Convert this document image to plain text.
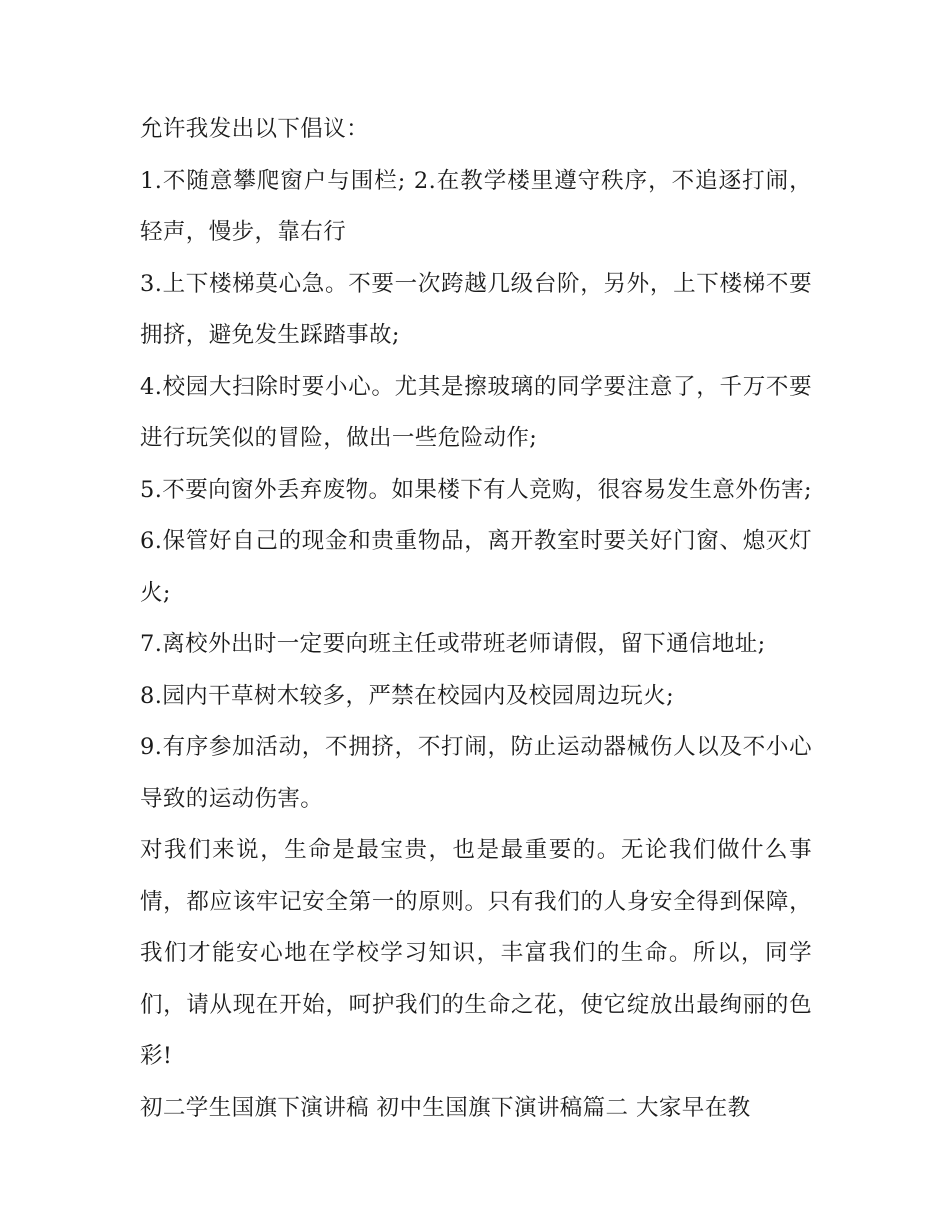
允许我发出以下倡议：

1.不随意攀爬窗户与围栏; 2.在教学楼里遵守秩序，不追逐打闹，轻声，慢步，靠右行

3.上下楼梯莫心急。不要一次跨越几级台阶，另外，上下楼梯不要拥挤，避免发生踩踏事故;

4.校园大扫除时要小心。尤其是擦玻璃的同学要注意了，千万不要进行玩笑似的冒险，做出一些危险动作;

5.不要向窗外丢弃废物。如果楼下有人竞购，很容易发生意外伤害; 6.保管好自己的现金和贵重物品，离开教室时要关好门窗、熄灭灯火;

7.离校外出时一定要向班主任或带班老师请假，留下通信地址;

8.园内干草树木较多，严禁在校园内及校园周边玩火;

9.有序参加活动，不拥挤，不打闹，防止运动器械伤人以及不小心导致的运动伤害。

对我们来说，生命是最宝贵，也是最重要的。无论我们做什么事情，都应该牢记安全第一的原则。只有我们的人身安全得到保障，我们才能安心地在学校学习知识，丰富我们的生命。所以，同学们，请从现在开始，呵护我们的生命之花，使它绽放出最绚丽的色彩!

初二学生国旗下演讲稿 初中生国旗下演讲稿篇二 大家早在教
